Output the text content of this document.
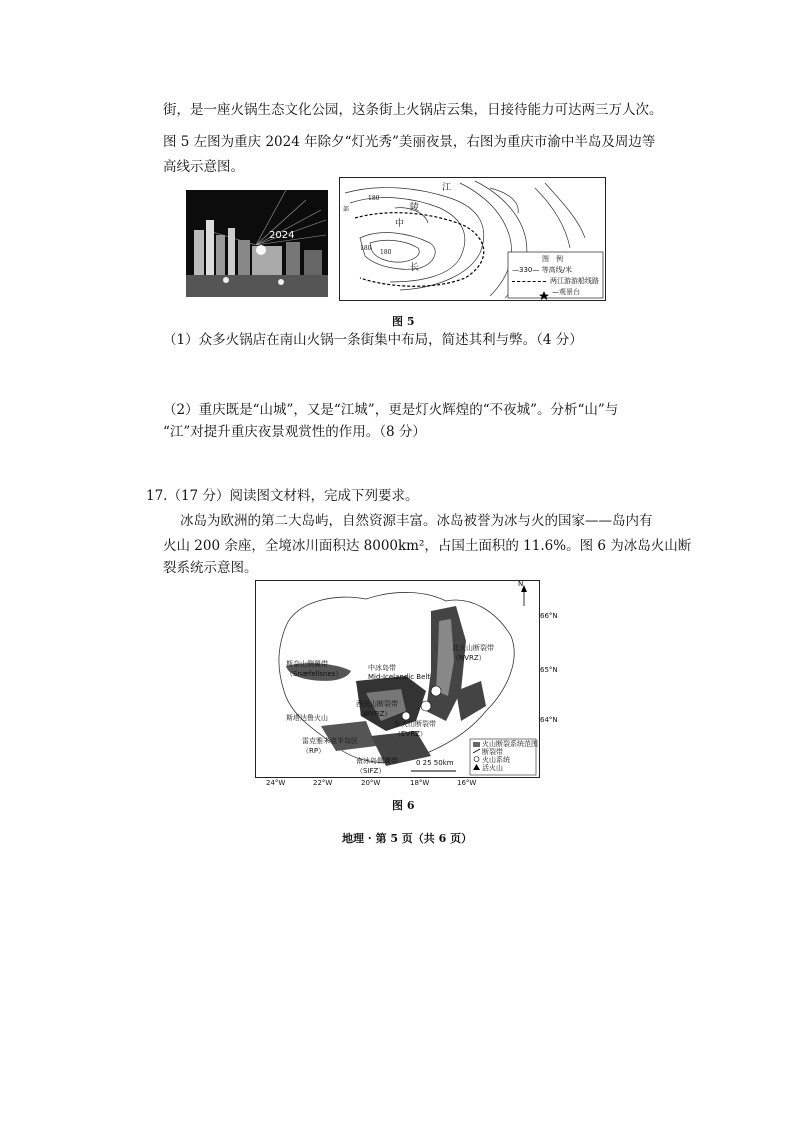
街，是一座火锅生态文化公园，这条街上火锅店云集，日接待能力可达两三万人次。
图 5 左图为重庆 2024 年除夕“灯光秀”美丽夜景，右图为重庆市渝中半岛及周边等
高线示意图。
2024
江
陵
中
长
180
180
180
部
图　例
—330— 等高线/米
两江游游船线路
—观景台
图 5
（1）众多火锅店在南山火锅一条街集中布局，简述其利与弊。（4 分）
（2）重庆既是“山城”，又是“江城”，更是灯火辉煌的“不夜城”。分析“山”与
“江”对提升重庆夜景观赏性的作用。（8 分）
17.（17 分）阅读图文材料，完成下列要求。
冰岛为欧洲的第二大岛屿，自然资源丰富。冰岛被誉为冰与火的国家——岛内有
火山 200 余座，全境冰川面积达 8000km²，占国土面积的 11.6%。图 6 为冰岛火山断
裂系统示意图。
N
斯奈山侧翼带
（Snæfellsnes）
中冰岛带
Mid-Icelandic Belt
北火山断裂带
（NVRZ）
西火山断裂带
（WVRZ）
东火山断裂带
（EVRZ）
斯塔达鲁火山
雷克雅未克半岛区
（RP）
南冰岛侧翼带
（SIFZ）
0 25 50km
火山断裂系统范围
断裂带
火山系统
活火山
66°N
65°N
64°N
24°W	22°W	20°W	18°W	16°W
图 6
地理 · 第 5 页（共 6 页）
